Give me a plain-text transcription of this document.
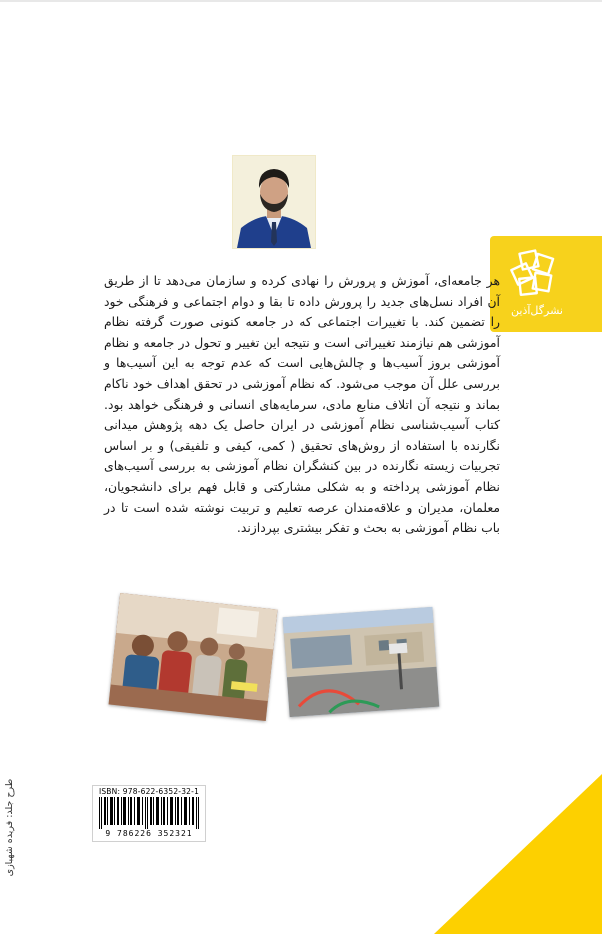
نشرگل‌آذین

هر جامعه‌ای، آموزش و پرورش را نهادی کرده و سازمان می‌دهد تا از طریق آن افراد نسل‌های جدید را پرورش داده تا بقا و دوام اجتماعی و فرهنگی خود را تضمین کند. با تغییرات اجتماعی که در جامعه کنونی صورت گرفته نظام آموزشی هم نیازمند تغییراتی است و نتیجه این تغییر و تحول در جامعه و نظام آموزشی بروز آسیب‌ها و چالش‌هایی است که عدم توجه به این آسیب‌ها و بررسی علل آن موجب می‌شود. که نظام آموزشی در تحقق اهداف خود ناکام بماند و نتیجه آن اتلاف منابع مادی، سرمایه‌های انسانی و فرهنگی خواهد بود. کتاب آسیب‌شناسی نظام آموزشی در ایران حاصل یک دهه پژوهش میدانی نگارنده با استفاده از روش‌های تحقیق ( کمی، کیفی و تلفیقی) و بر اساس تجربیات زیسته نگارنده در بین کنشگران نظام آموزشی به بررسی آسیب‌های نظام آموزشی پرداخته و به شکلی مشارکتی و قابل فهم برای دانشجویان، معلمان، مدیران و علاقه‌مندان عرصه تعلیم و تربیت نوشته شده است تا در باب نظام آموزشی به بحث و تفکر بیشتری بپردازند.

ISBN: 978-622-6352-32-1
9 786226 352321
طرح جلد: فریده شهبازی
